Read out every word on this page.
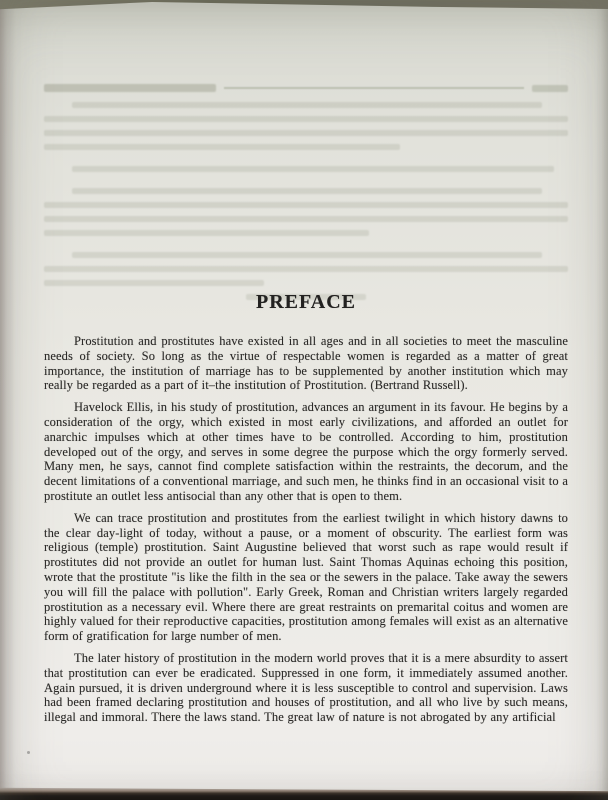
PREFACE

Prostitution and prostitutes have existed in all ages and in all societies to meet the masculine needs of society. So long as the virtue of respectable women is regarded as a matter of great importance, the institution of marriage has to be supplemented by another institution which may really be regarded as a part of it–the institution of Prostitution. (Bertrand Russell).

Havelock Ellis, in his study of prostitution, advances an argument in its favour. He begins by a consideration of the orgy, which existed in most early civilizations, and afforded an outlet for anarchic impulses which at other times have to be controlled. According to him, prostitution developed out of the orgy, and serves in some degree the purpose which the orgy formerly served. Many men, he says, cannot find complete satisfaction within the restraints, the decorum, and the decent limitations of a conventional marriage, and such men, he thinks find in an occasional visit to a prostitute an outlet less antisocial than any other that is open to them.

We can trace prostitution and prostitutes from the earliest twilight in which history dawns to the clear day-light of today, without a pause, or a moment of obscurity. The earliest form was religious (temple) prostitution. Saint Augustine believed that worst such as rape would result if prostitutes did not provide an outlet for human lust. Saint Thomas Aquinas echoing this position, wrote that the prostitute "is like the filth in the sea or the sewers in the palace. Take away the sewers you will fill the palace with pollution". Early Greek, Roman and Christian writers largely regarded prostitution as a necessary evil. Where there are great restraints on premarital coitus and women are highly valued for their reproductive capacities, prostitution among females will exist as an alternative form of gratification for large number of men.

The later history of prostitution in the modern world proves that it is a mere absurdity to assert that prostitution can ever be eradicated. Suppressed in one form, it immediately assumed another. Again pursued, it is driven underground where it is less susceptible to control and supervision. Laws had been framed declaring prostitution and houses of prostitution, and all who live by such means, illegal and immoral. There the laws stand. The great law of nature is not abrogated by any artificial
